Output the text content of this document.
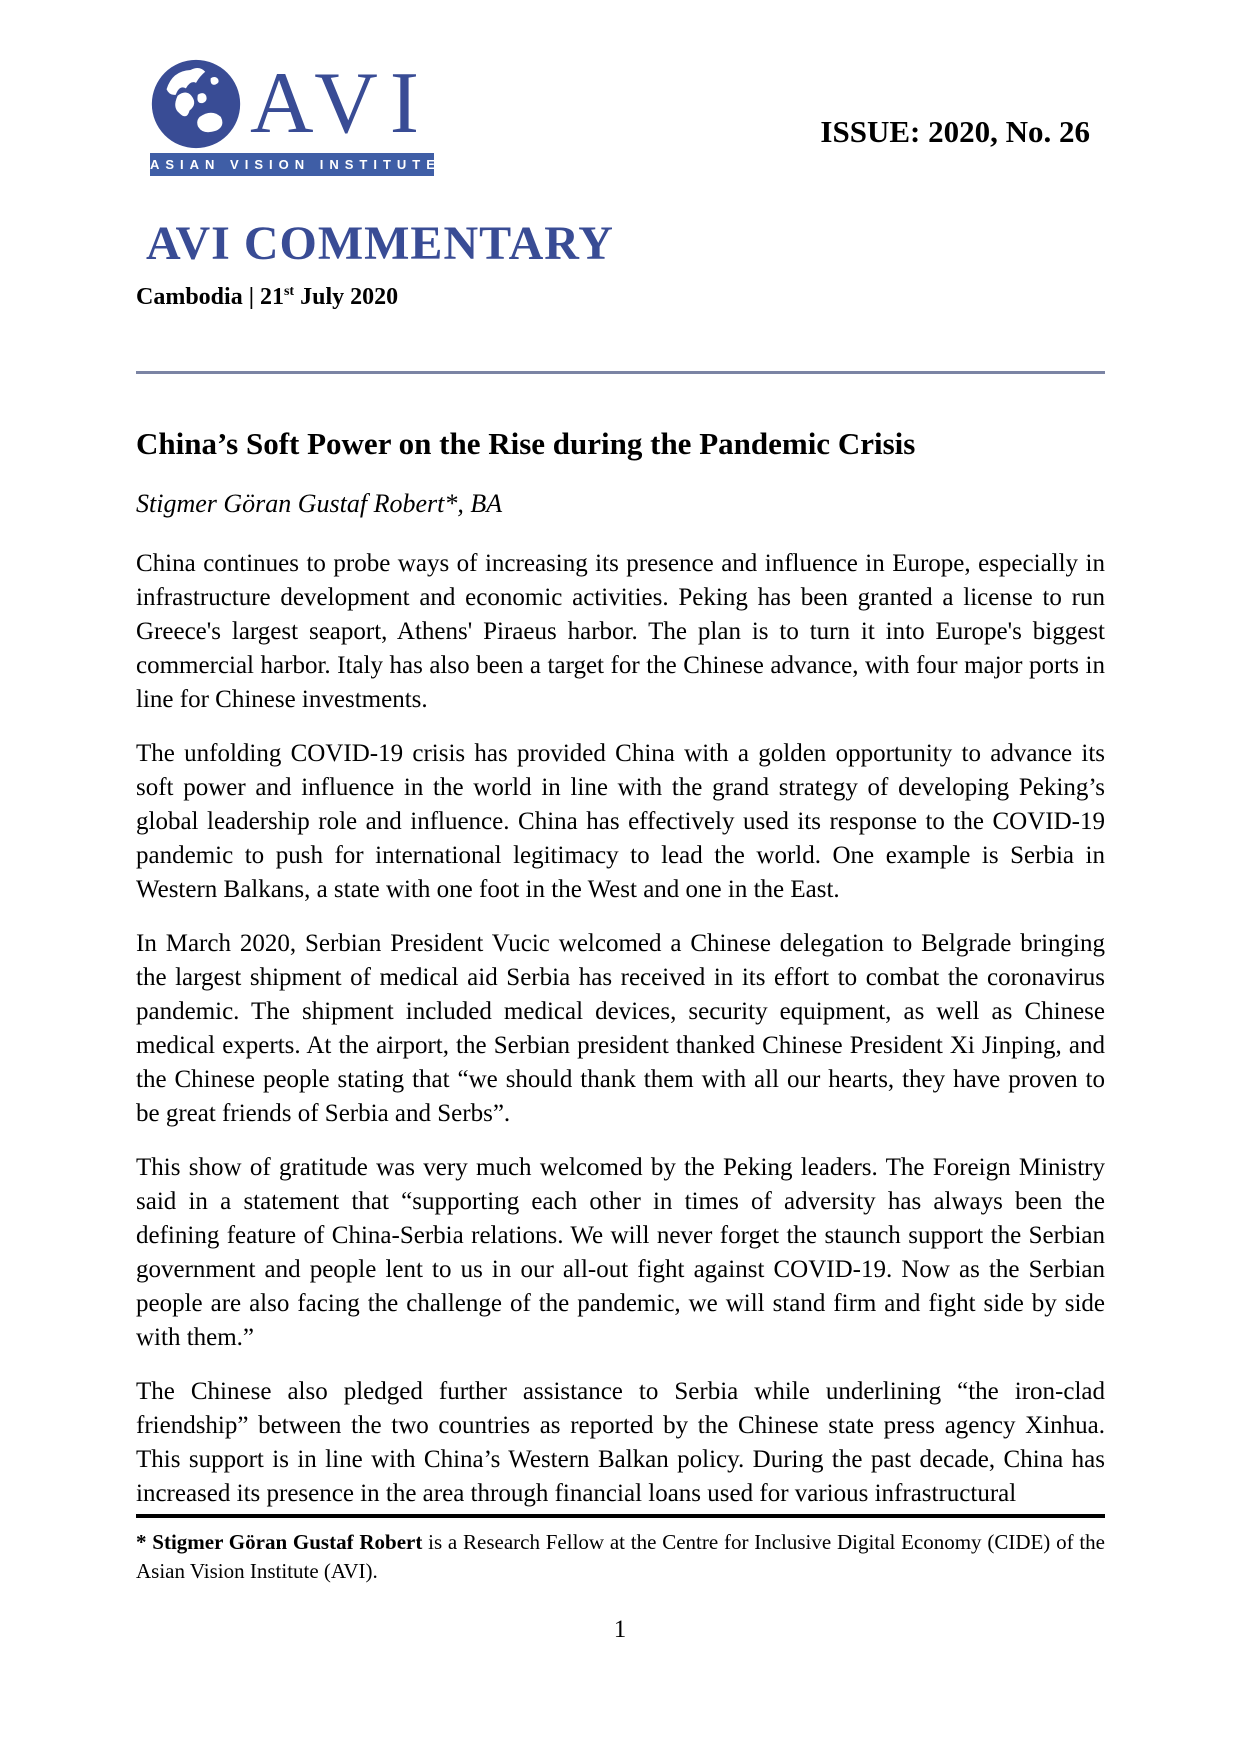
AVI
ASIAN VISION INSTITUTE
ISSUE: 2020, No. 26
AVI COMMENTARY
Cambodia | 21st July 2020
China’s Soft Power on the Rise during the Pandemic Crisis
Stigmer Göran Gustaf Robert*, BA

China continues to probe ways of increasing its presence and influence in Europe, especially in infrastructure development and economic activities. Peking has been granted a license to run Greece's largest seaport, Athens' Piraeus harbor. The plan is to turn it into Europe's biggest commercial harbor. Italy has also been a target for the Chinese advance, with four major ports in line for Chinese investments.

The unfolding COVID-19 crisis has provided China with a golden opportunity to advance its soft power and influence in the world in line with the grand strategy of developing Peking’s global leadership role and influence. China has effectively used its response to the COVID-19 pandemic to push for international legitimacy to lead the world. One example is Serbia in Western Balkans, a state with one foot in the West and one in the East.

In March 2020, Serbian President Vucic welcomed a Chinese delegation to Belgrade bringing the largest shipment of medical aid Serbia has received in its effort to combat the coronavirus pandemic. The shipment included medical devices, security equipment, as well as Chinese medical experts. At the airport, the Serbian president thanked Chinese President Xi Jinping, and the Chinese people stating that “we should thank them with all our hearts, they have proven to be great friends of Serbia and Serbs”.

This show of gratitude was very much welcomed by the Peking leaders. The Foreign Ministry said in a statement that “supporting each other in times of adversity has always been the defining feature of China-Serbia relations. We will never forget the staunch support the Serbian government and people lent to us in our all-out fight against COVID-19. Now as the Serbian people are also facing the challenge of the pandemic, we will stand firm and fight side by side with them.”

The Chinese also pledged further assistance to Serbia while underlining “the iron-clad friendship” between the two countries as reported by the Chinese state press agency Xinhua. This support is in line with China’s Western Balkan policy. During the past decade, China has increased its presence in the area through financial loans used for various infrastructural

* Stigmer Göran Gustaf Robert is a Research Fellow at the Centre for Inclusive Digital Economy (CIDE) of the Asian Vision Institute (AVI).

1
